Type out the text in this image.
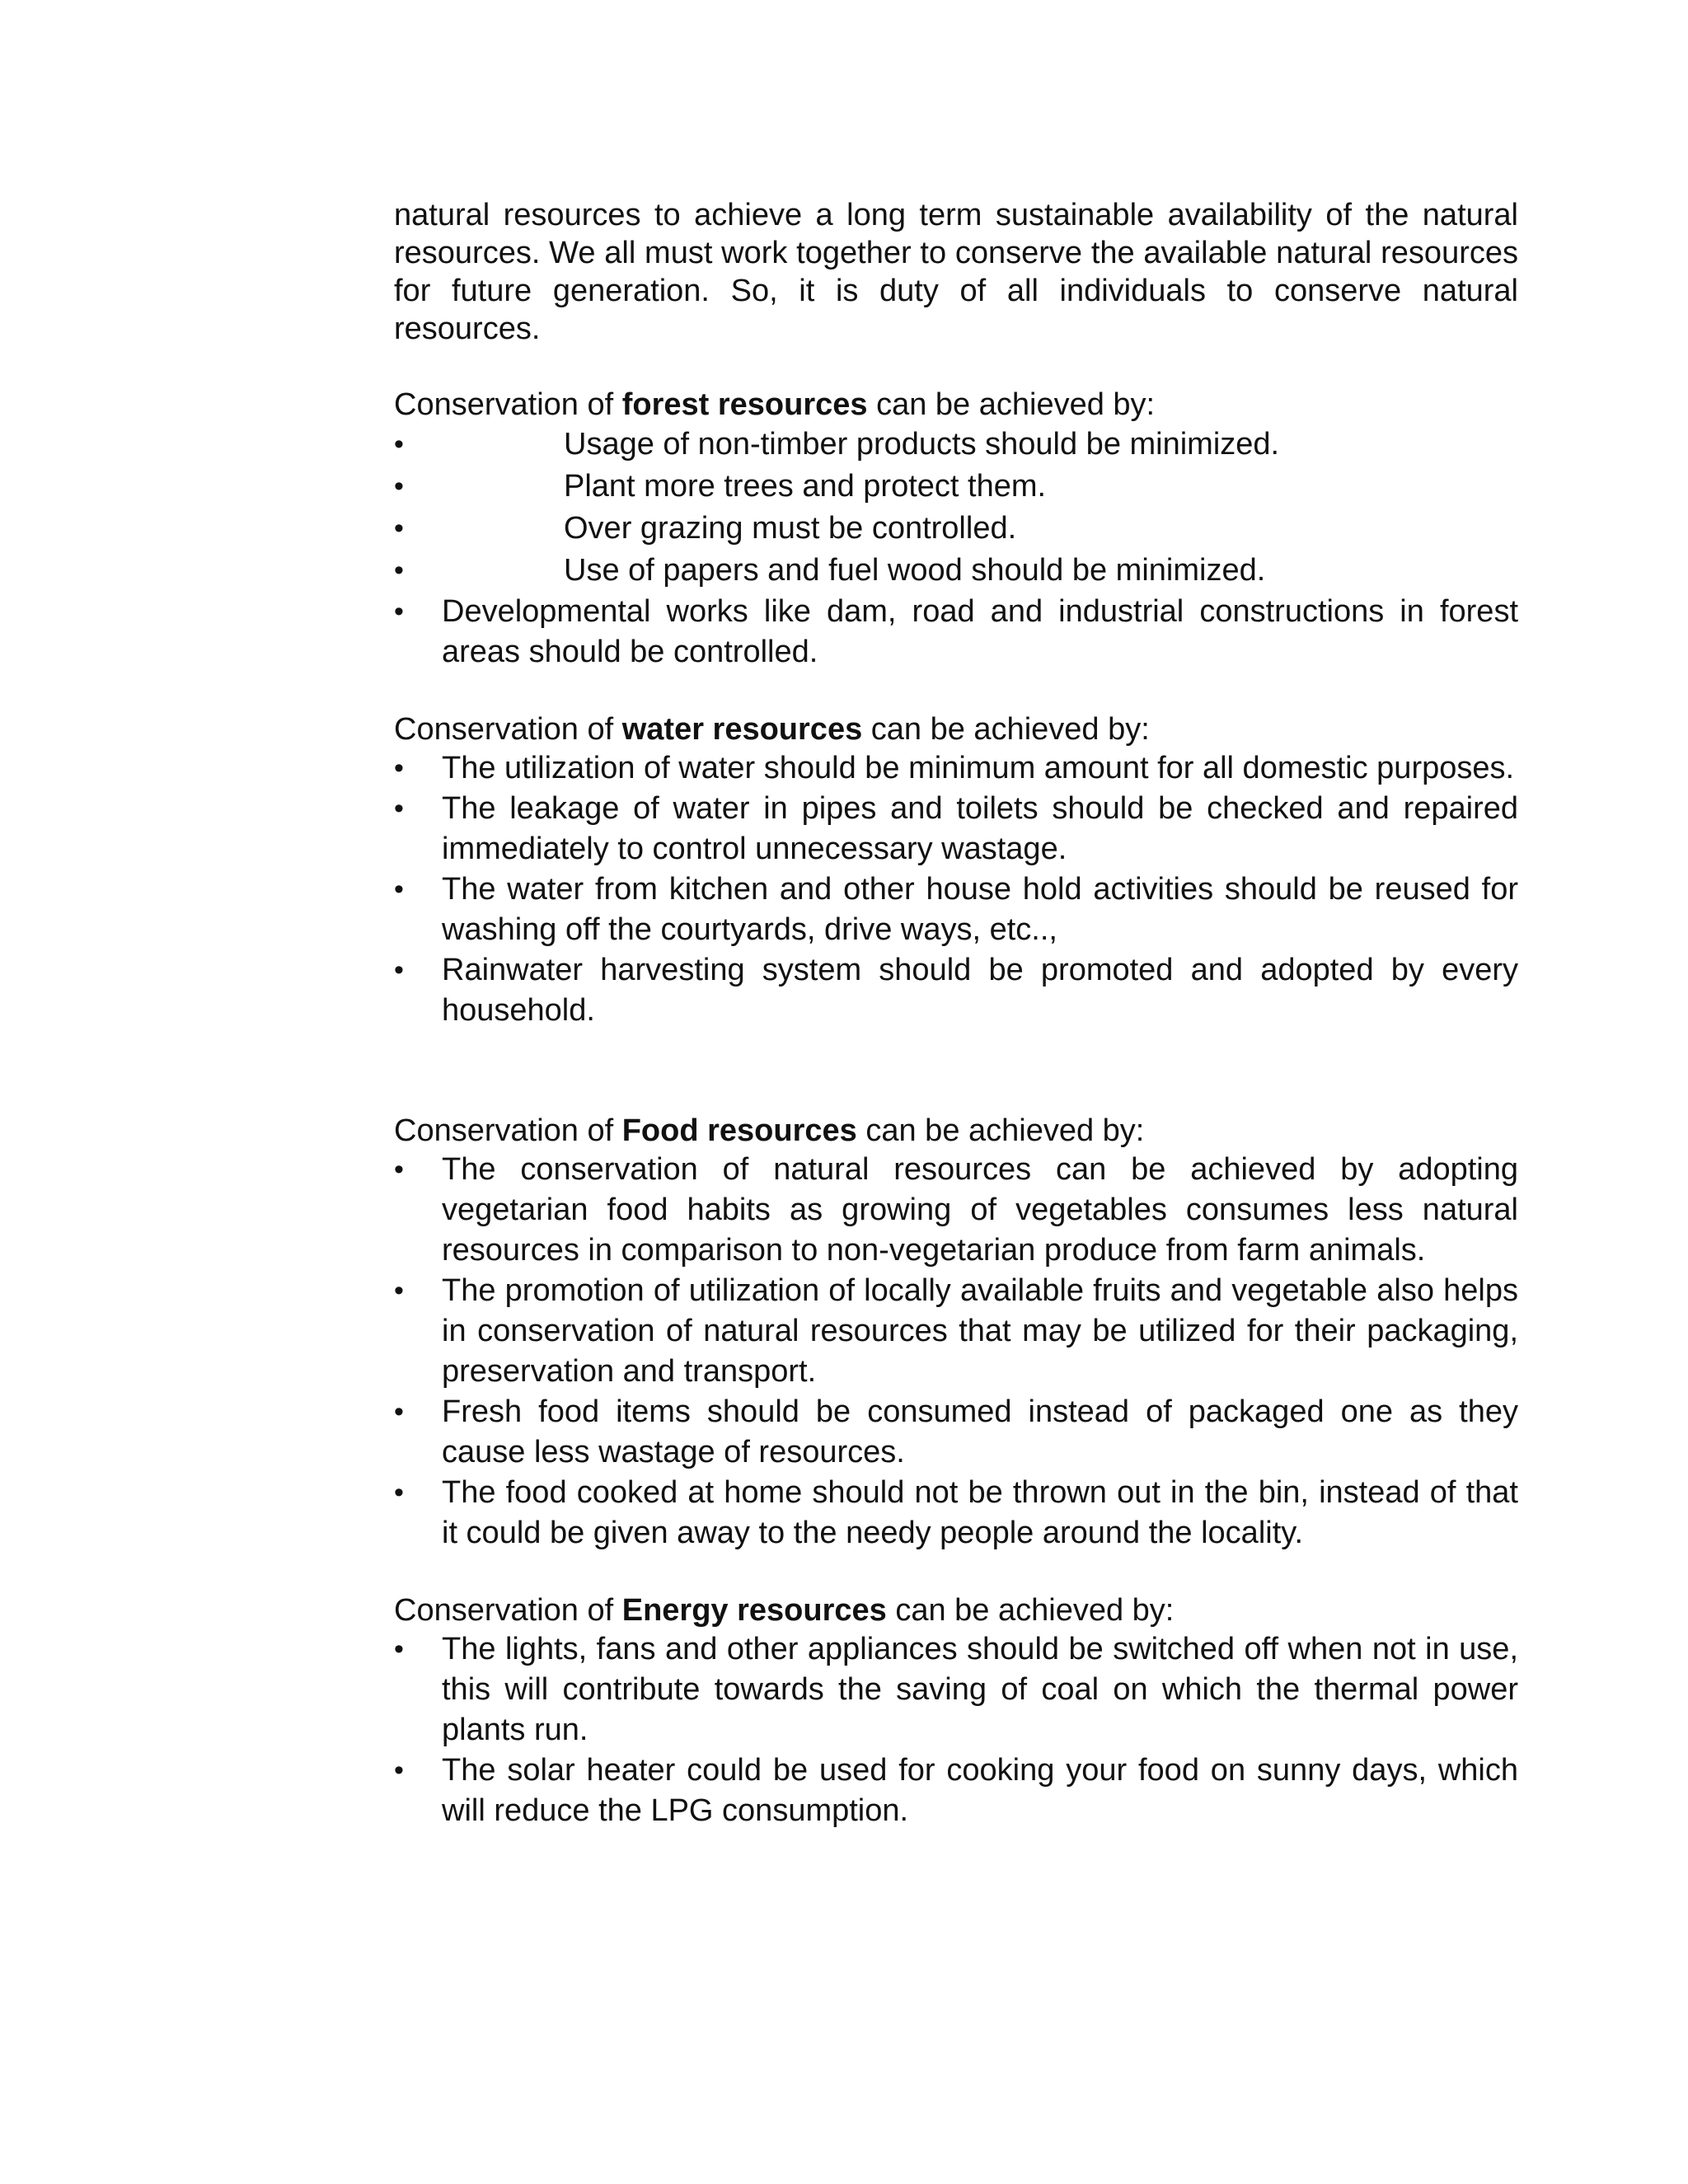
natural resources to achieve a long term sustainable availability of the natural resources. We all must work together to conserve the available natural resources for future generation. So, it is duty of all individuals to conserve natural resources.

Conservation of forest resources can be achieved by:

•	Usage of non-timber products should be minimized.
•	Plant more trees and protect them.
•	Over grazing must be controlled.
•	Use of papers and fuel wood should be minimized.
• Developmental works like dam, road and industrial constructions in forest areas should be controlled.

Conservation of water resources can be achieved by:

• The utilization of water should be minimum amount for all domestic purposes.
• The leakage of water in pipes and toilets should be checked and repaired immediately to control unnecessary wastage.
• The water from kitchen and other house hold activities should be reused for washing off the courtyards, drive ways, etc..,
• Rainwater harvesting system should be promoted and adopted by every household.

Conservation of Food resources can be achieved by:

• The conservation of natural resources can be achieved by adopting vegetarian food habits as growing of vegetables consumes less natural resources in comparison to non-vegetarian produce from farm animals.
• The promotion of utilization of locally available fruits and vegetable also helps in conservation of natural resources that may be utilized for their packaging, preservation and transport.
• Fresh food items should be consumed instead of packaged one as they cause less wastage of resources.
• The food cooked at home should not be thrown out in the bin, instead of that it could be given away to the needy people around the locality.

Conservation of Energy resources can be achieved by:

• The lights, fans and other appliances should be switched off when not in use, this will contribute towards the saving of coal on which the thermal power plants run.
• The solar heater could be used for cooking your food on sunny days, which will reduce the LPG consumption.
